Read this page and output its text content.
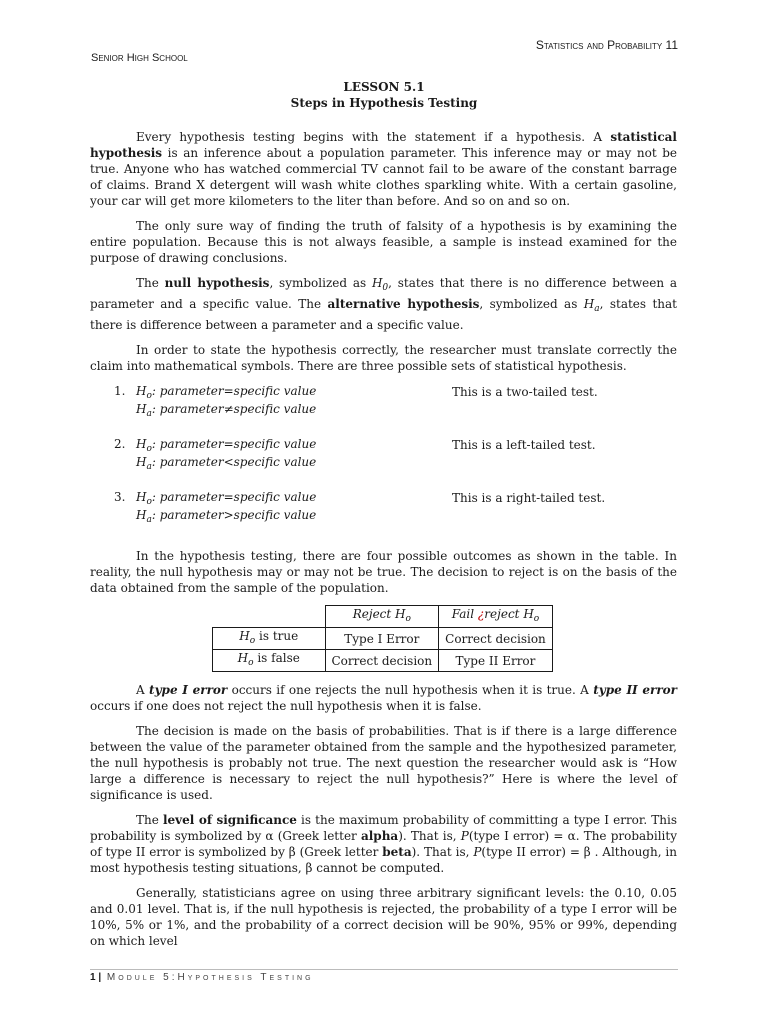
Statistics and Probability 11
Senior High School
LESSON 5.1
Steps in Hypothesis Testing

Every hypothesis testing begins with the statement if a hypothesis. A statistical hypothesis is an inference about a population parameter. This inference may or may not be true. Anyone who has watched commercial TV cannot fail to be aware of the constant barrage of claims. Brand X detergent will wash white clothes sparkling white. With a certain gasoline, your car will get more kilometers to the liter than before. And so on and so on.

The only sure way of finding the truth of falsity of a hypothesis is by examining the entire population. Because this is not always feasible, a sample is instead examined for the purpose of drawing conclusions.

The null hypothesis, symbolized as $H_0$, states that there is no difference between a parameter and a specific value. The alternative hypothesis, symbolized as $H_a$, states that there is difference between a parameter and a specific value.

In order to state the hypothesis correctly, the researcher must translate correctly the claim into mathematical symbols. There are three possible sets of statistical hypothesis.

1. $H_o$: parameter=specific value
$H_a$: parameter≠specific value
This is a two-tailed test.
2. $H_o$: parameter=specific value
$H_a$: parameter<specific value
This is a left-tailed test.
3. $H_o$: parameter=specific value
$H_a$: parameter>specific value
This is a right-tailed test.

In the hypothesis testing, there are four possible outcomes as shown in the table. In reality, the null hypothesis may or may not be true. The decision to reject is on the basis of the data obtained from the sample of the population.

	Reject $H_o$	Fail ¿reject $H_o$
$H_o$ is true	Type I Error	Correct decision
$H_o$ is false	Correct decision	Type II Error

A type I error occurs if one rejects the null hypothesis when it is true. A type II error occurs if one does not reject the null hypothesis when it is false.

The decision is made on the basis of probabilities. That is if there is a large difference between the value of the parameter obtained from the sample and the hypothesized parameter, the null hypothesis is probably not true. The next question the researcher would ask is “How large a difference is necessary to reject the null hypothesis?” Here is where the level of significance is used.

The level of significance is the maximum probability of committing a type I error. This probability is symbolized by α (Greek letter alpha). That is, P(type I error) = α. The probability of type II error is symbolized by β (Greek letter beta). That is, P(type II error) = β . Although, in most hypothesis testing situations, β cannot be computed.

Generally, statisticians agree on using three arbitrary significant levels: the 0.10, 0.05 and 0.01 level. That is, if the null hypothesis is rejected, the probability of a type I error will be 10%, 5% or 1%, and the probability of a correct decision will be 90%, 95% or 99%, depending on which level

1 | Module 5:Hypothesis Testing
